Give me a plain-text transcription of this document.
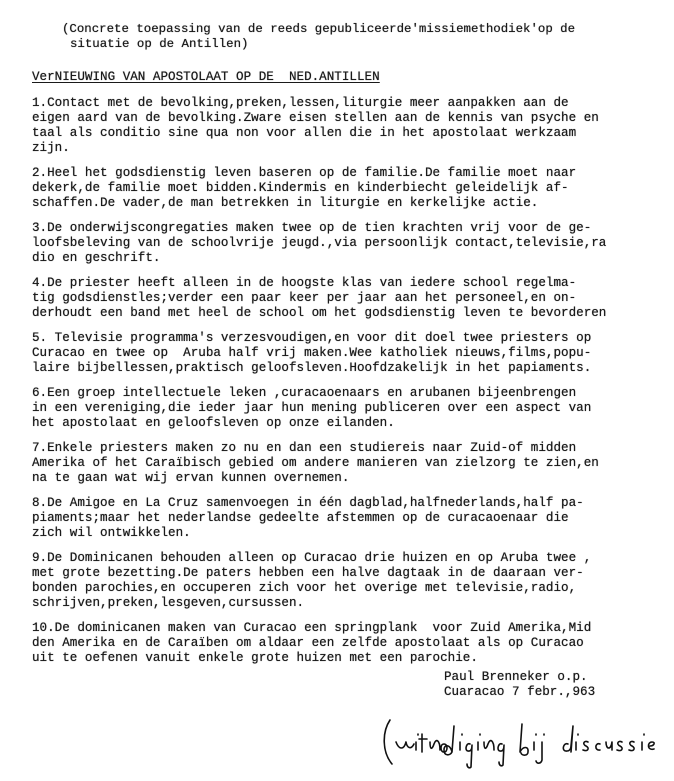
(Concrete toepassing van de reeds gepubliceerde'missiemethodiek'op de
situatie op de Antillen)
VerNIEUWING VAN APOSTOLAAT OP DE  NED.ANTILLEN
1.Contact met de bevolking,preken,lessen,liturgie meer aanpakken aan de
eigen aard van de bevolking.Zware eisen stellen aan de kennis van psyche en
taal als conditio sine qua non voor allen die in het apostolaat werkzaam
zijn.
2.Heel het godsdienstig leven baseren op de familie.De familie moet naar
dekerk,de familie moet bidden.Kindermis en kinderbiecht geleidelijk af-
schaffen.De vader,de man betrekken in liturgie en kerkelijke actie.
3.De onderwijscongregaties maken twee op de tien krachten vrij voor de ge-
loofsbeleving van de schoolvrije jeugd.,via persoonlijk contact,televisie,ra
dio en geschrift.
4.De priester heeft alleen in de hoogste klas van iedere school regelma-
tig godsdienstles;verder een paar keer per jaar aan het personeel,en on-
derhoudt een band met heel de school om het godsdienstig leven te bevorderen
5. Televisie programma's verzesvoudigen,en voor dit doel twee priesters op
Curacao en twee op  Aruba half vrij maken.Wee katholiek nieuws,films,popu-
laire bijbellessen,praktisch geloofsleven.Hoofdzakelijk in het papiaments.
6.Een groep intellectuele leken ,curacaoenaars en arubanen bijeenbrengen
in een vereniging,die ieder jaar hun mening publiceren over een aspect van
het apostolaat en geloofsleven op onze eilanden.
7.Enkele priesters maken zo nu en dan een studiereis naar Zuid-of midden
Amerika of het Caraïbisch gebied om andere manieren van zielzorg te zien,en
na te gaan wat wij ervan kunnen overnemen.
8.De Amigoe en La Cruz samenvoegen in één dagblad,halfnederlands,half pa-
piaments;maar het nederlandse gedeelte afstemmen op de curacaoenaar die
zich wil ontwikkelen.
9.De Dominicanen behouden alleen op Curacao drie huizen en op Aruba twee ,
met grote bezetting.De paters hebben een halve dagtaak in de daaraan ver-
bonden parochies,en occuperen zich voor het overige met televisie,radio,
schrijven,preken,lesgeven,cursussen.
10.De dominicanen maken van Curacao een springplank  voor Zuid Amerika,Mid
den Amerika en de Caraïben om aldaar een zelfde apostolaat als op Curacao
uit te oefenen vanuit enkele grote huizen met een parochie.
Paul Brenneker o.p.
Cuaracao 7 febr.,963
